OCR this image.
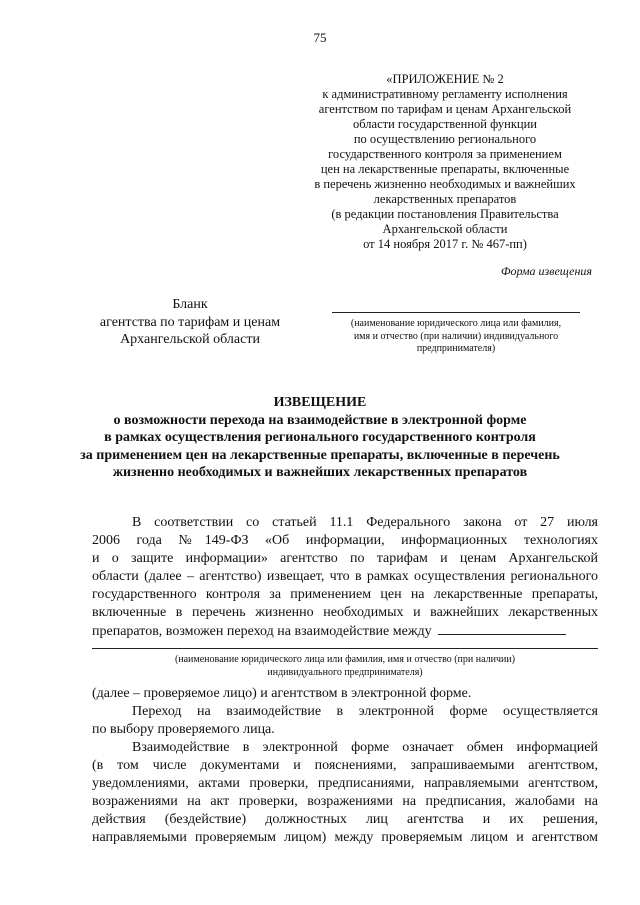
75
«ПРИЛОЖЕНИЕ № 2
к административному регламенту исполнения
агентством по тарифам и ценам Архангельской
области государственной функции
по осуществлению регионального
государственного контроля за применением
цен на лекарственные препараты, включенные
в перечень жизненно необходимых и важнейших
лекарственных препаратов
(в редакции постановления Правительства
Архангельской области
от 14 ноября 2017 г. № 467-пп)
Форма извещения
Бланк
агентства по тарифам и ценам
Архангельской области
(наименование юридического лица или фамилия,
имя и отчество (при наличии) индивидуального
предпринимателя)
ИЗВЕЩЕНИЕ
о возможности перехода на взаимодействие в электронной форме
в рамках осуществления регионального государственного контроля
за применением цен на лекарственные препараты, включенные в перечень
жизненно необходимых и важнейших лекарственных препаратов
В соответствии со статьей 11.1 Федерального закона от 27 июля
2006 года №149-ФЗ «Об информации, информационных технологиях
и о защите информации» агентство по тарифам и ценам Архангельской
области (далее – агентство) извещает, что в рамках осуществления регионального
государственного контроля за применением цен на лекарственные препараты,
включенные в перечень жизненно необходимых и важнейших лекарственных
препаратов, возможен переход на взаимодействие между
(наименование юридического лица или фамилия, имя и отчество (при наличии)
индивидуального предпринимателя)
(далее – проверяемое лицо) и агентством в электронной форме.
Переход на взаимодействие в электронной форме осуществляется
по выбору проверяемого лица.
Взаимодействие в электронной форме означает обмен информацией
(в том числе документами и пояснениями, запрашиваемыми агентством,
уведомлениями, актами проверки, предписаниями, направляемыми агентством,
возражениями на акт проверки, возражениями на предписания, жалобами на
действия (бездействие) должностных лиц агентства и их решения,
направляемыми проверяемым лицом) между проверяемым лицом и агентством
